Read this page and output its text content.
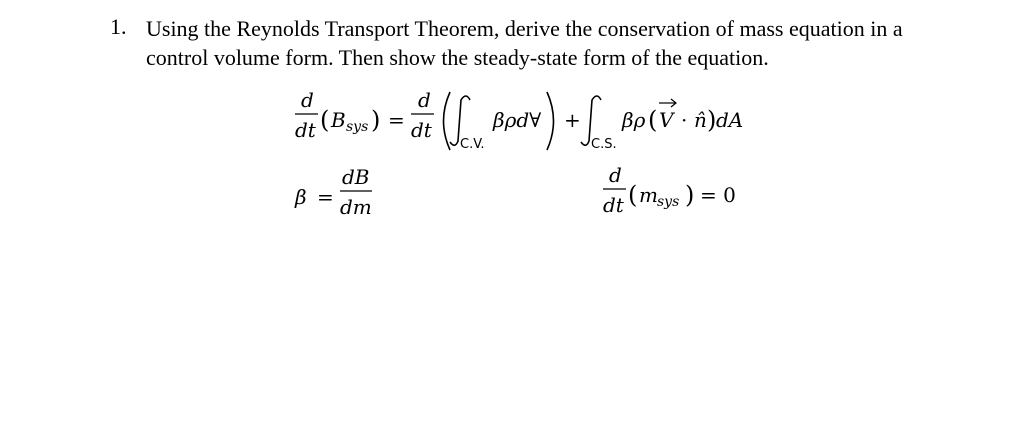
1. Using the Reynolds Transport Theorem, derive the conservation of mass equation in a
control volume form. Then show the steady-state form of the equation.
d
dt ( B sys ) =
d
dt
C.V.
βρd∀ +
C.S.
βρ ( V · n̂ ) dA
β =
dB
dm
d
dt ( m sys ) = 0
